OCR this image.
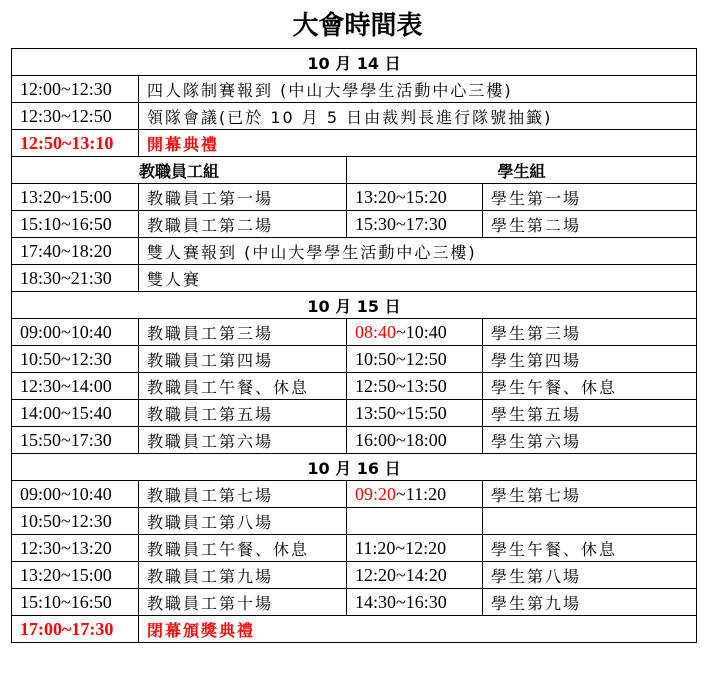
大會時間表
10 月 14 日			
12:00~12:30	四人隊制賽報到 (中山大學學生活動中心三樓)		
12:30~12:50	領隊會議(已於 10 月 5 日由裁判長進行隊號抽籤)		
12:50~13:10	開幕典禮		
教職員工組		學生組	
13:20~15:00	教職員工第一場	13:20~15:20	學生第一場
15:10~16:50	教職員工第二場	15:30~17:30	學生第二場
17:40~18:20	雙人賽報到 (中山大學學生活動中心三樓)		
18:30~21:30	雙人賽		
10 月 15 日			
09:00~10:40	教職員工第三場	08:40~10:40	學生第三場
10:50~12:30	教職員工第四場	10:50~12:50	學生第四場
12:30~14:00	教職員工午餐、休息	12:50~13:50	學生午餐、休息
14:00~15:40	教職員工第五場	13:50~15:50	學生第五場
15:50~17:30	教職員工第六場	16:00~18:00	學生第六場
10 月 16 日			
09:00~10:40	教職員工第七場	09:20~11:20	學生第七場
10:50~12:30	教職員工第八場		
12:30~13:20	教職員工午餐、休息	11:20~12:20	學生午餐、休息
13:20~15:00	教職員工第九場	12:20~14:20	學生第八場
15:10~16:50	教職員工第十場	14:30~16:30	學生第九場
17:00~17:30	閉幕頒獎典禮		
